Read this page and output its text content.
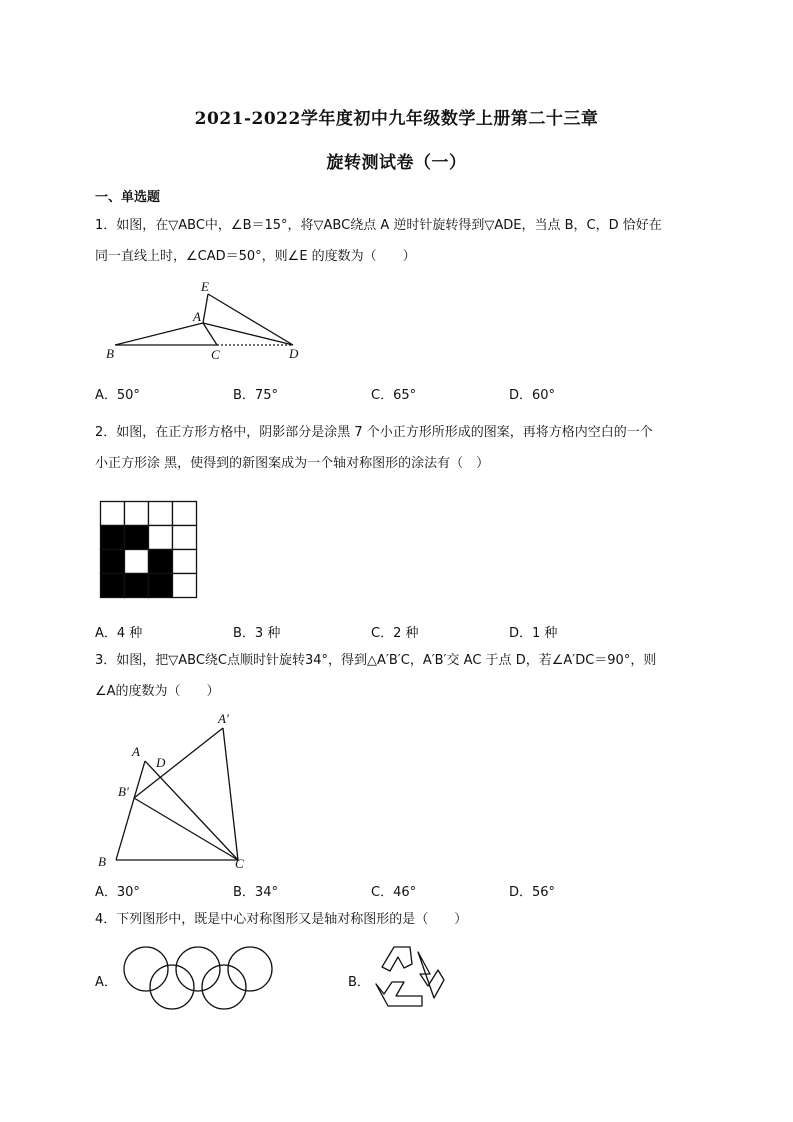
2021-2022学年度初中九年级数学上册第二十三章
旋转测试卷（一）
一、单选题
1．如图，在▽ABC中，∠B＝15°，将▽ABC绕点 A 逆时针旋转得到▽ADE，当点 B，C，D 恰好在
同一直线上时，∠CAD＝50°，则∠E 的度数为（　　）
E
A
B	C	D
A．50°	B．75°	C．65°	D．60°
2．如图，在正方形方格中，阴影部分是涂黑 7 个小正方形所形成的图案，再将方格内空白的一个
小正方形涂 黑，使得到的新图案成为一个轴对称图形的涂法有（　）
A．4 种	B．3 种	C．2 种	D．1 种
3．如图，把▽ABC绕C点顺时针旋转34°，得到△A′B′C，A′B′交 AC 于点 D，若∠A′DC＝90°，则
∠A的度数为（　　）
A
A′
D
B′
B	C
A．30°	B．34°	C．46°	D．56°
4．下列图形中，既是中心对称图形又是轴对称图形的是（　　）
A．	B．
